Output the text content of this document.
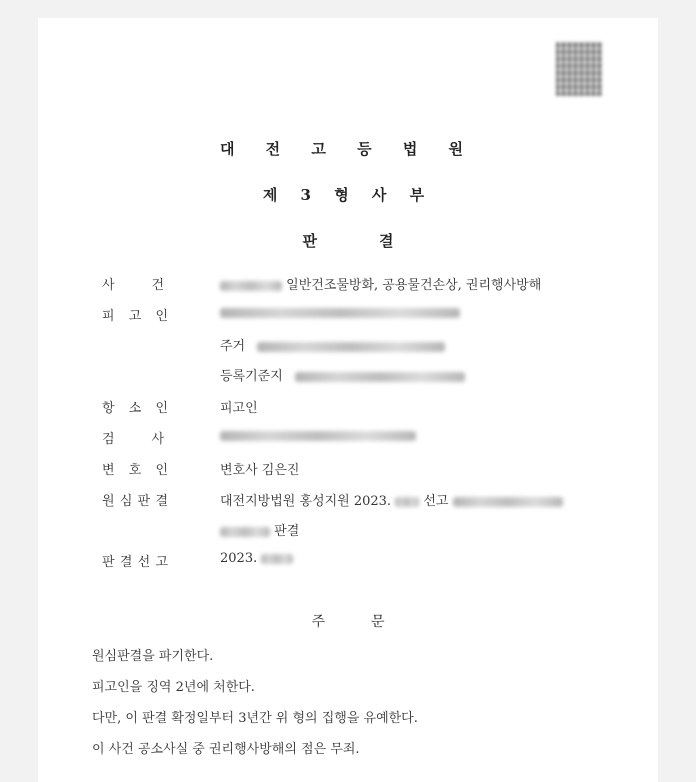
대 전 고 등 법 원
제 3 형 사 부
판	결
사	건	일반건조물방화, 공용물건손상, 권리행사방해
피 고 인
주거
등록기준지
항 소 인	피고인
검	사
변 호 인	변호사 김은진
원 심 판 결	대전지방법원 홍성지원 2023. 선고
판결
판 결 선 고	2023.
주	문
원심판결을 파기한다.
피고인을 징역 2년에 처한다.
다만, 이 판결 확정일부터 3년간 위 형의 집행을 유예한다.
이 사건 공소사실 중 권리행사방해의 점은 무죄.
